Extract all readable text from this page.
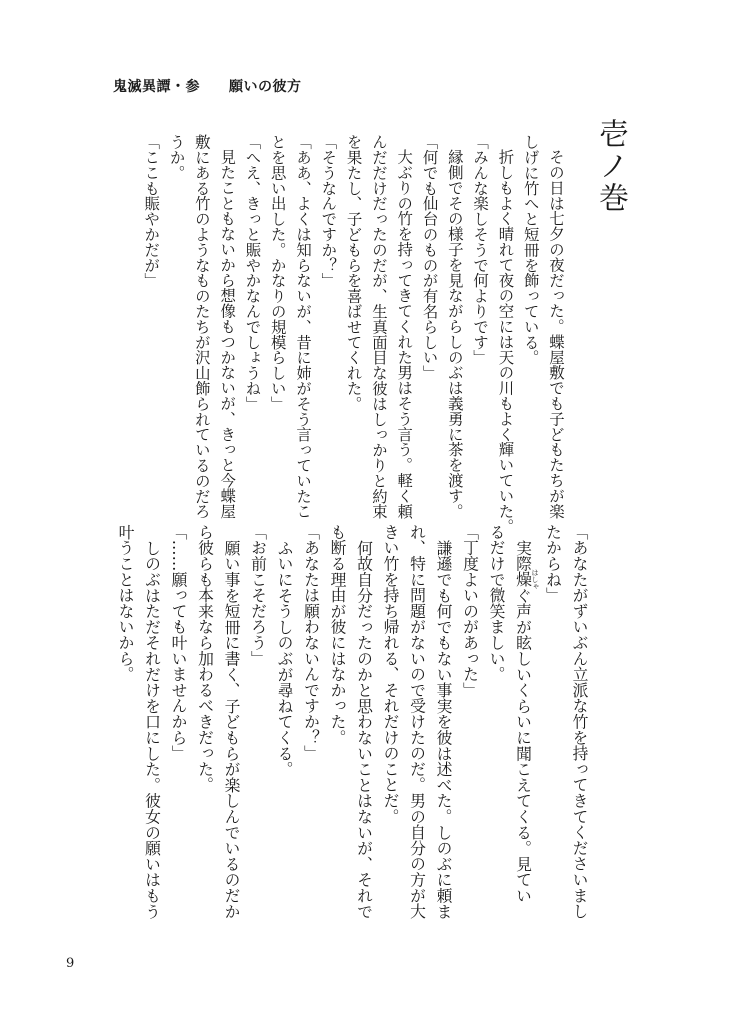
鬼滅異譚・参　　 願いの彼方
壱ノ巻
その日は七夕の夜だった。蝶屋敷でも子どもたちが楽
しげに竹へと短冊を飾っている。
折しもよく晴れて夜の空には天の川もよく輝いていた。
「みんな楽しそうで何よりです」
縁側でその様子を見ながらしのぶは義勇に茶を渡す。
「何でも仙台のものが有名らしい」
大ぶりの竹を持ってきてくれた男はそう言う。軽く頼
んだだけだったのだが、生真面目な彼はしっかりと約束
を果たし、子どもらを喜ばせてくれた。
「そうなんですか？」
「ああ、よくは知らないが、昔に姉がそう言っていたこ
とを思い出した。かなりの規模らしい」
「へえ、きっと賑やかなんでしょうね」
見たこともないから想像もつかないが、きっと今蝶屋
敷にある竹のようなものたちが沢山飾られているのだろ
うか。
「ここも賑やかだが」
「あなたがずいぶん立派な竹を持ってきてくださいまし
たからね」
実際燥はしゃぐ声が眩しいくらいに聞こえてくる。見てい
るだけで微笑ましい。
「丁度よいのがあった」
謙遜でも何でもない事実を彼は述べた。しのぶに頼ま
れ、特に問題がないので受けたのだ。男の自分の方が大
きい竹を持ち帰れる、それだけのことだ。
何故自分だったのかと思わないことはないが、それで
も断る理由が彼にはなかった。
「あなたは願わないんですか？」
ふいにそうしのぶが尋ねてくる。
「お前こそだろう」
願い事を短冊に書く、子どもらが楽しんでいるのだか
ら彼らも本来なら加わるべきだった。
「……願っても叶いませんから」
しのぶはただそれだけを口にした。彼女の願いはもう
叶うことはないから。
9
